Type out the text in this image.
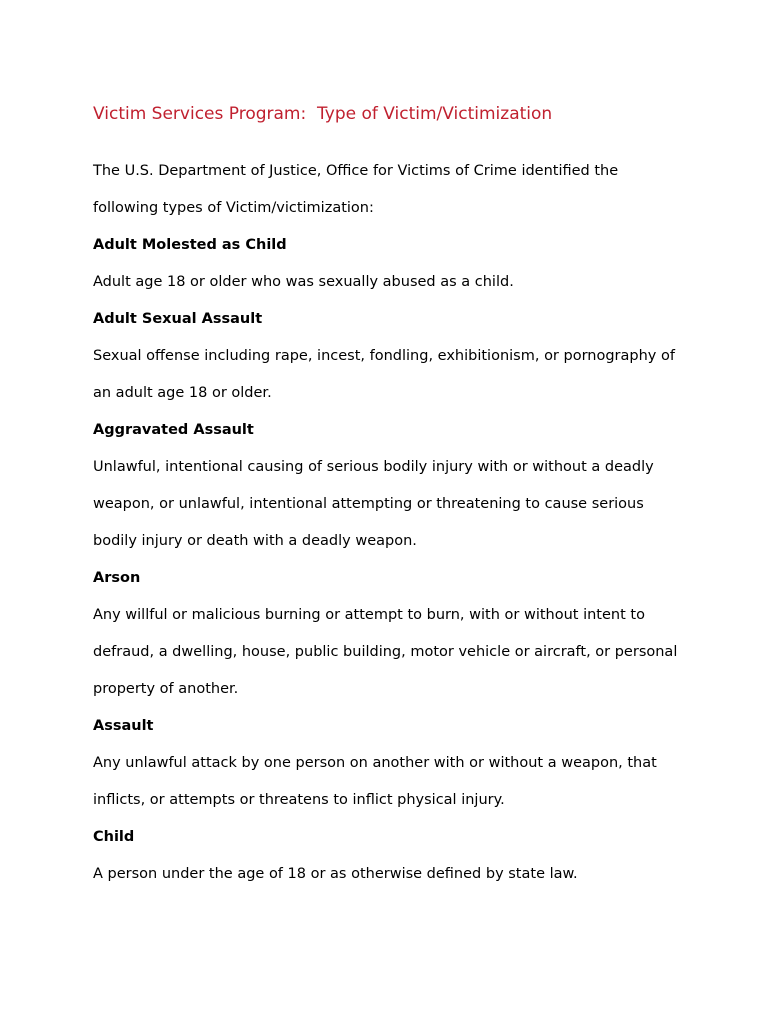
Victim Services Program:  Type of Victim/Victimization
The U.S. Department of Justice, Office for Victims of Crime identified the
following types of Victim/victimization:
Adult Molested as Child
Adult age 18 or older who was sexually abused as a child.
Adult Sexual Assault
Sexual offense including rape, incest, fondling, exhibitionism, or pornography of
an adult age 18 or older.
Aggravated Assault
Unlawful, intentional causing of serious bodily injury with or without a deadly
weapon, or unlawful, intentional attempting or threatening to cause serious
bodily injury or death with a deadly weapon.
Arson
Any willful or malicious burning or attempt to burn, with or without intent to
defraud, a dwelling, house, public building, motor vehicle or aircraft, or personal
property of another.
Assault
Any unlawful attack by one person on another with or without a weapon, that
inflicts, or attempts or threatens to inflict physical injury.
Child
A person under the age of 18 or as otherwise defined by state law.
